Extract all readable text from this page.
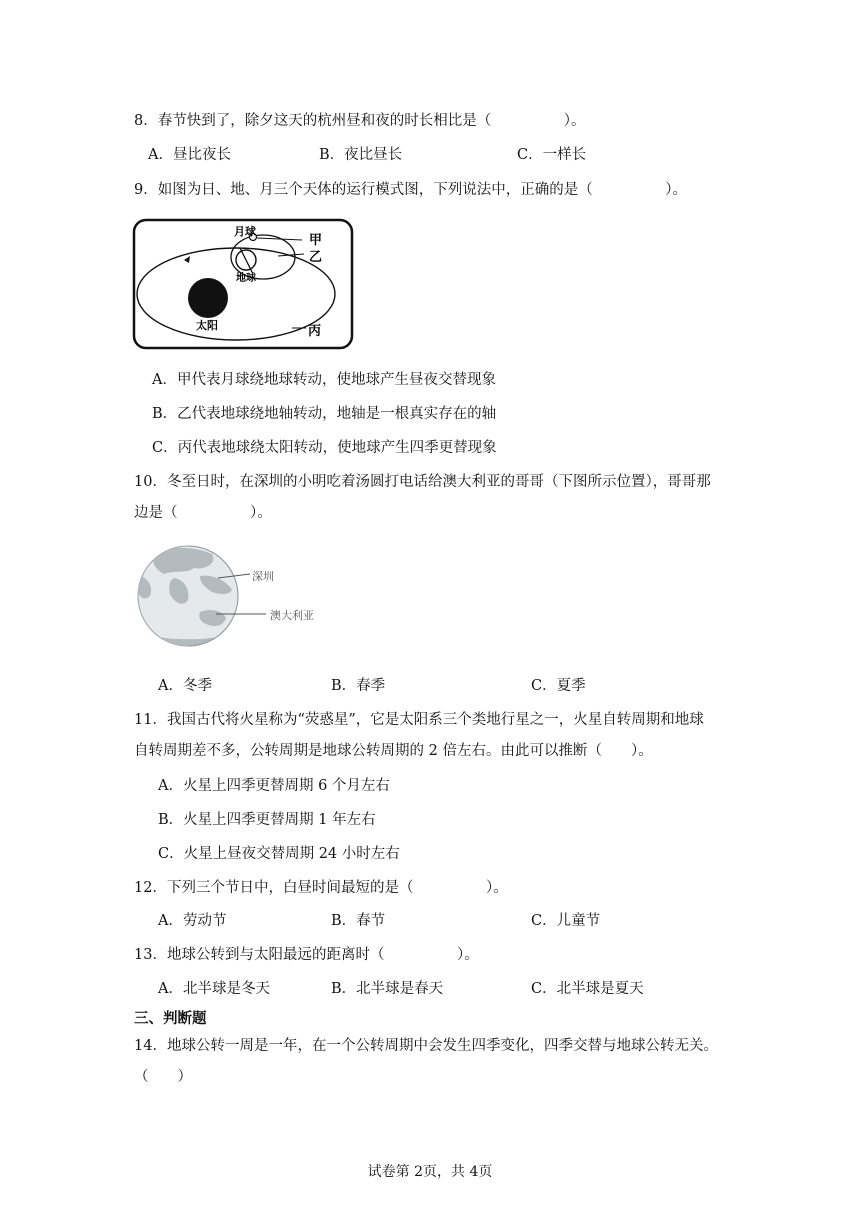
8．春节快到了，除夕这天的杭州昼和夜的时长相比是（　　　　　）。
A．昼比夜长	B．夜比昼长	C．一样长
9．如图为日、地、月三个天体的运行模式图，下列说法中，正确的是（　　　　　）。
月球
甲
乙
地球
太阳	丙
A．甲代表月球绕地球转动，使地球产生昼夜交替现象
B．乙代表地球绕地轴转动，地轴是一根真实存在的轴
C．丙代表地球绕太阳转动，使地球产生四季更替现象
10．冬至日时，在深圳的小明吃着汤圆打电话给澳大利亚的哥哥（下图所示位置），哥哥那
边是（　　　　　）。
深圳
澳大利亚
A．冬季	B．春季	C．夏季
11．我国古代将火星称为“荧惑星”，它是太阳系三个类地行星之一，火星自转周期和地球
自转周期差不多，公转周期是地球公转周期的 2 倍左右。由此可以推断（　　）。
A．火星上四季更替周期 6 个月左右
B．火星上四季更替周期 1 年左右
C．火星上昼夜交替周期 24 小时左右
12．下列三个节日中，白昼时间最短的是（　　　　　）。
A．劳动节	B．春节	C．儿童节
13．地球公转到与太阳最远的距离时（　　　　　）。
A．北半球是冬天	B．北半球是春天	C．北半球是夏天
三、判断题
14．地球公转一周是一年，在一个公转周期中会发生四季变化，四季交替与地球公转无关。
（　　）
试卷第 2页，共 4页
